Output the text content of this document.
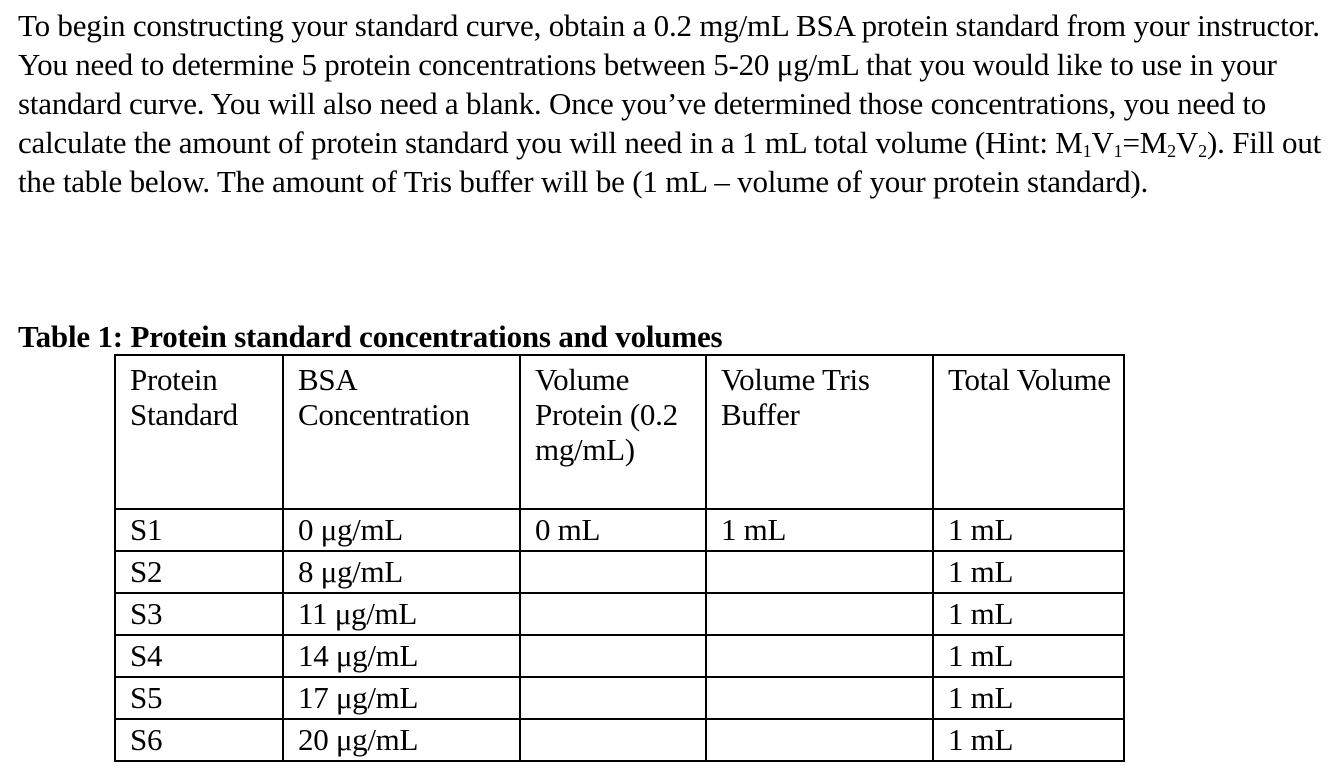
To begin constructing your standard curve, obtain a 0.2 mg/mL BSA protein standard from your instructor. You need to determine 5 protein concentrations between 5-20 μg/mL that you would like to use in your standard curve. You will also need a blank. Once you’ve determined those concentrations, you need to calculate the amount of protein standard you will need in a 1 mL total volume (Hint: $M_1V_1=M_2V_2$). Fill out the table below. The amount of Tris buffer will be (1 mL – volume of your protein standard).

Table 1: Protein standard concentrations and volumes

Protein Standard	BSA Concentration	Volume Protein (0.2 mg/mL)	Volume Tris Buffer	Total Volume
S1	0 μg/mL	0 mL	1 mL	1 mL
S2	8 μg/mL			1 mL
S3	11 μg/mL			1 mL
S4	14 μg/mL			1 mL
S5	17 μg/mL			1 mL
S6	20 μg/mL			1 mL
